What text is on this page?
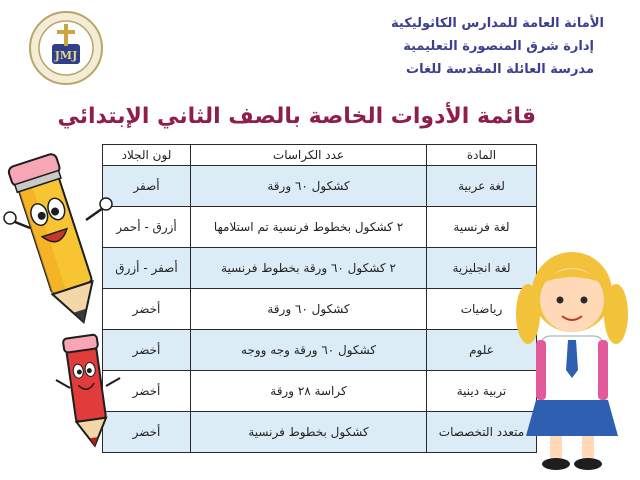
الأمانة العامة للمدارس الكاثوليكية
إدارة شرق المنصورة التعليمية
مدرسة العائلة المقدسة للغات
JMJ
قائمة الأدوات الخاصة بالصف الثاني الإبتدائي
المادة	عدد الكراسات	لون الجلاد
لغة عربية	كشكول ٦٠ ورقة	أصفر
لغة فرنسية	٢ كشكول بخطوط فرنسية تم استلامها	أزرق - أحمر
لغة انجليزية	٢ كشكول ٦٠ ورقة بخطوط فرنسية	أصفر - أزرق
رياضيات	كشكول ٦٠ ورقة	أخضر
علوم	كشكول ٦٠ ورقة وجه ووجه	أخضر
تربية دينية	كراسة ٢٨ ورقة	أخضر
متعدد التخصصات	كشكول بخطوط فرنسية	أخضر
